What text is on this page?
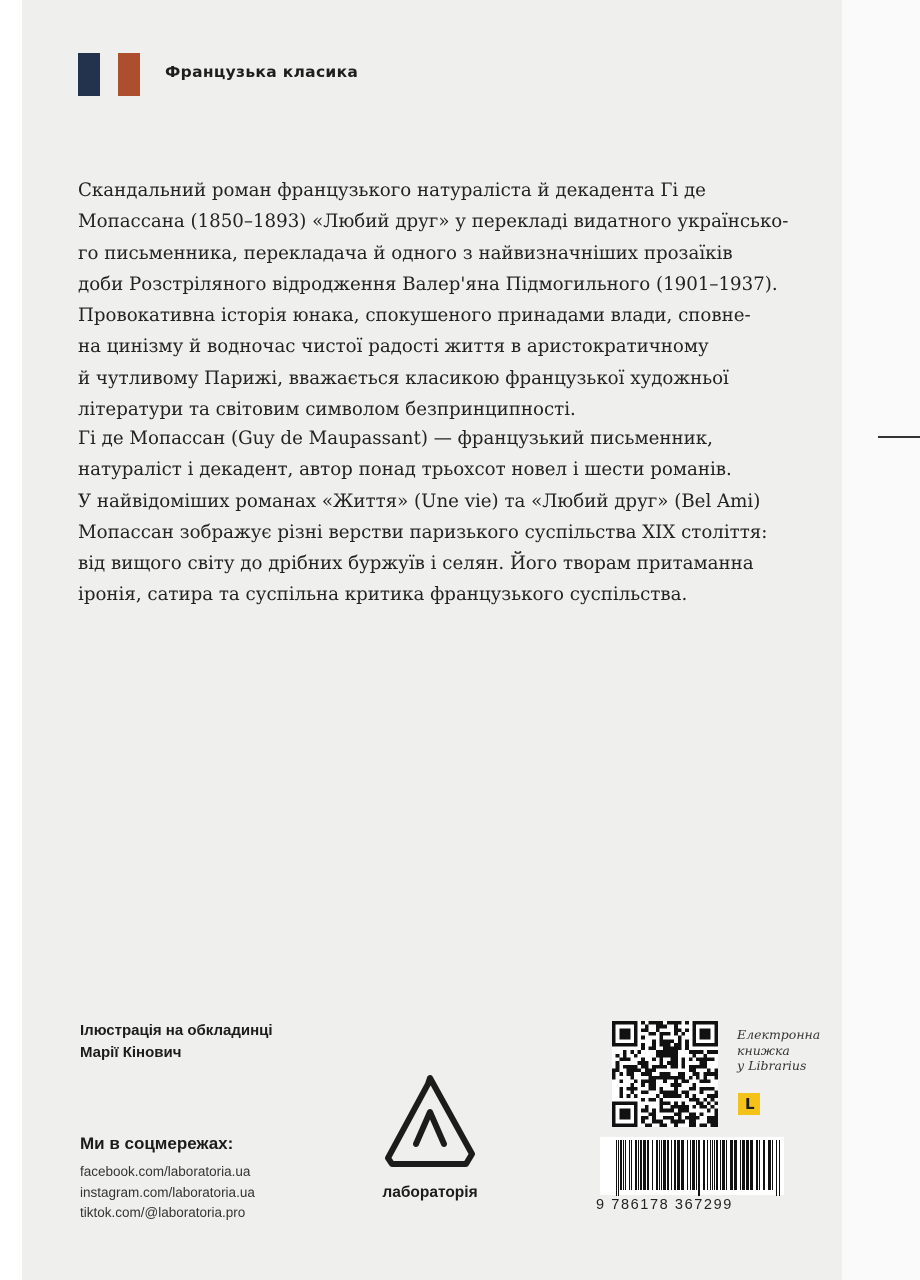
Французька класика
Скандальний роман французького натураліста й декадента Гі де
Мопассана (1850–1893) «Любий друг» у перекладі видатного українсько-
го письменника, перекладача й одного з найвизначніших прозаїків
доби Розстріляного відродження Валер'яна Підмогильного (1901–1937).
Провокативна історія юнака, спокушеного принадами влади, сповне-
на цинізму й водночас чистої радості життя в аристократичному
й чутливому Парижі, вважається класикою французької художньої
літератури та світовим символом безпринципності.
Гі де Мопассан (Guy de Maupassant) — французький письменник,
натураліст і декадент, автор понад трьохсот новел і шести романів.
У найвідоміших романах «Життя» (Une vie) та «Любий друг» (Bel Ami)
Мопассан зображує різні верстви паризького суспільства XIX століття:
від вищого світу до дрібних буржуїв і селян. Його творам притаманна
іронія, сатира та суспільна критика французького суспільства.
Ілюстрація на обкладинці
Марії Кінович
Ми в соцмережах:
facebook.com/laboratoria.ua
instagram.com/laboratoria.ua
tiktok.com/@laboratoria.pro
лабораторія
Електронна
книжка
у Librarius
L
9 786178 367299
